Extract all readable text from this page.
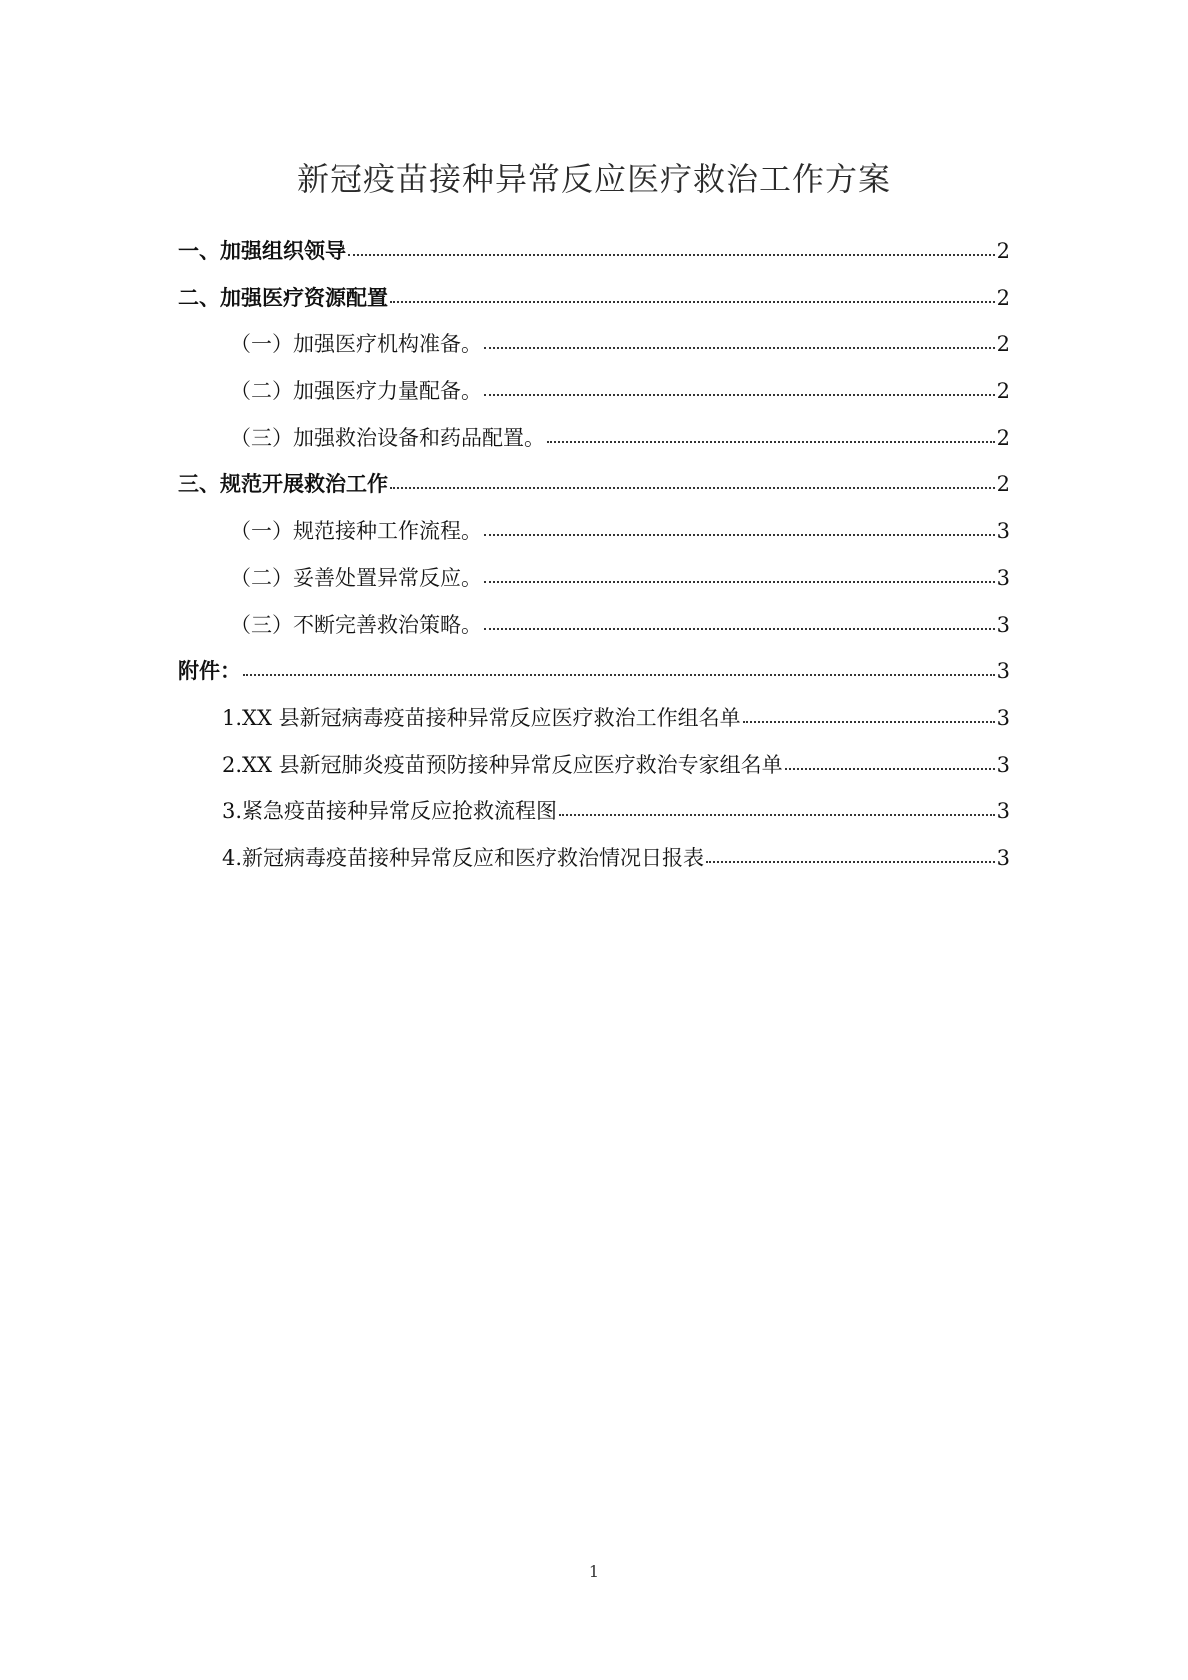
新冠疫苗接种异常反应医疗救治工作方案
一、加强组织领导	2
二、加强医疗资源配置	2
（一）加强医疗机构准备。	2
（二）加强医疗力量配备。	2
（三）加强救治设备和药品配置。	2
三、规范开展救治工作	2
（一）规范接种工作流程。	3
（二）妥善处置异常反应。	3
（三）不断完善救治策略。	3
附件：	3
1.XX 县新冠病毒疫苗接种异常反应医疗救治工作组名单	3
2.XX 县新冠肺炎疫苗预防接种异常反应医疗救治专家组名单	3
3.紧急疫苗接种异常反应抢救流程图	3
4.新冠病毒疫苗接种异常反应和医疗救治情况日报表	3
1
